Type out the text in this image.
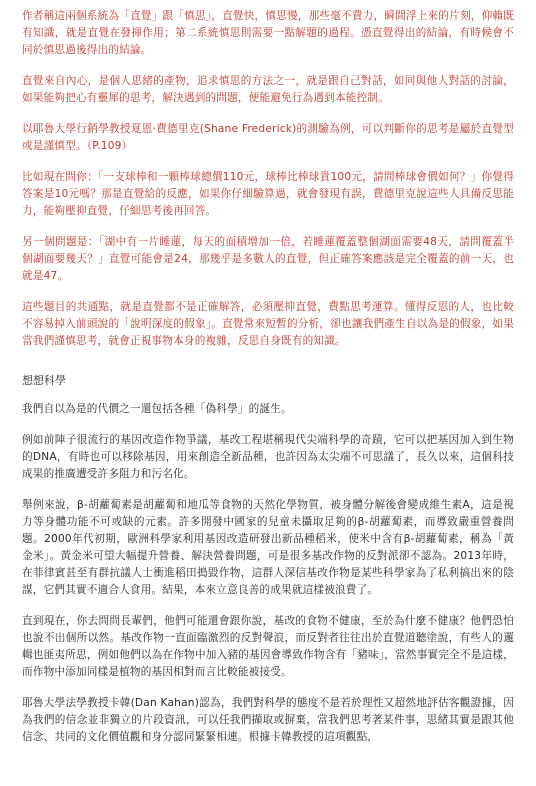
作者稱這兩個系統為「直覺」跟「慎思」，直覺快，慎思慢，那些毫不費力，瞬間浮上來的片刻，仰賴既有知識，就是直覺在發揮作用；第二系統慎思則需要一點解題的過程。憑直覺得出的結論，有時候會不同於慎思過後得出的結論。

直覺來自內心，是個人思緒的產物，追求慎思的方法之一，就是跟自己對話，如同與他人對話的討論，如果能夠把心有靈犀的思考，解決遇到的問題，便能避免行為遇到本能控制。

以耶魯大學行銷學教授夏恩·費德里克(Shane Frederick)的測驗為例，可以判斷你的思考是屬於直覺型或是謹慎型。（P.109）

比如現在問你：「一支球棒和一顆棒球總價110元，球棒比棒球貴100元，請問棒球會價如何？」你覺得答案是10元嗎？那是直覺給的反應，如果你仔細驗算過，就會發現有誤，費德里克說這些人具備反思能力，能夠壓抑直覺，仔細思考後再回答。

另一個問題是：「湖中有一片睡蓮，每天的面積增加一倍，若睡蓮覆蓋整個湖面需要48天，請問覆蓋半個湖面要幾天？」直覺可能會是24，那幾乎是多數人的直覺，但正確答案應該是完全覆蓋的前一天，也就是47。

這些題目的共通點，就是直覺都不是正確解答，必須壓抑直覺，費點思考運算。懂得反思的人，也比較不容易掉入前頭說的「說明深度的假象」。直覺常來短暫的分析，卻也讓我們產生自以為是的假象，如果當我們謹慎思考，就會正視事物本身的複雜，反思自身既有的知識。

想想科學

我們自以為是的代價之一還包括各種「偽科學」的誕生。

例如前陣子很流行的基因改造作物爭議，基改工程堪稱現代尖端科學的奇蹟，它可以把基因加入到生物的DNA，有時也可以移除基因，用來創造全新品種，也許因為太尖端不可思議了，長久以來，這個科技成果的推廣遭受許多阻力和污名化。

舉例來說，β-胡蘿蔔素是胡蘿蔔和地瓜等食物的天然化學物質，被身體分解後會變成維生素A，這是視力等身體功能不可或缺的元素。許多開發中國家的兒童未攝取足夠的β-胡蘿蔔素，而導致嚴重營養問題。2000年代初期，歐洲科學家利用基因改造研發出新品種稻米，使米中含有β-胡蘿蔔素，稱為「黃金米」。黃金米可望大幅提升營養、解決營養問題，可是很多基改作物的反對派卻不認為。2013年時，在菲律賓甚至有群抗議人士衝進稻田搗毀作物，這群人深信基改作物是某些科學家為了私利搞出來的陰謀，它們其實不適合人食用。結果，本來立意良善的成果就這樣被浪費了。

直到現在，你去問問長輩們，他們可能還會跟你說，基改的食物不健康，至於為什麼不健康？他們恐怕也說不出個所以然。基改作物一直面臨激烈的反對聲浪，而反對者往往出於直覺道聽塗說，有些人的邏輯也匪夷所思，例如他們以為在作物中加入豬的基因會導致作物含有「豬味」，當然事實完全不是這樣，而作物中添加同樣是植物的基因相對而言比較能被接受。

耶魯大學法學教授卡韓(Dan Kahan)認為，我們對科學的態度不是若於理性又超然地評估客觀證據，因為我們的信念並非獨立的片段資訊，可以任我們擷取或摒棄，當我們思考著某件事，思緒其實是跟其他信念、共同的文化價值觀和身分認同緊緊相連。根據卡韓教授的這項觀點，
